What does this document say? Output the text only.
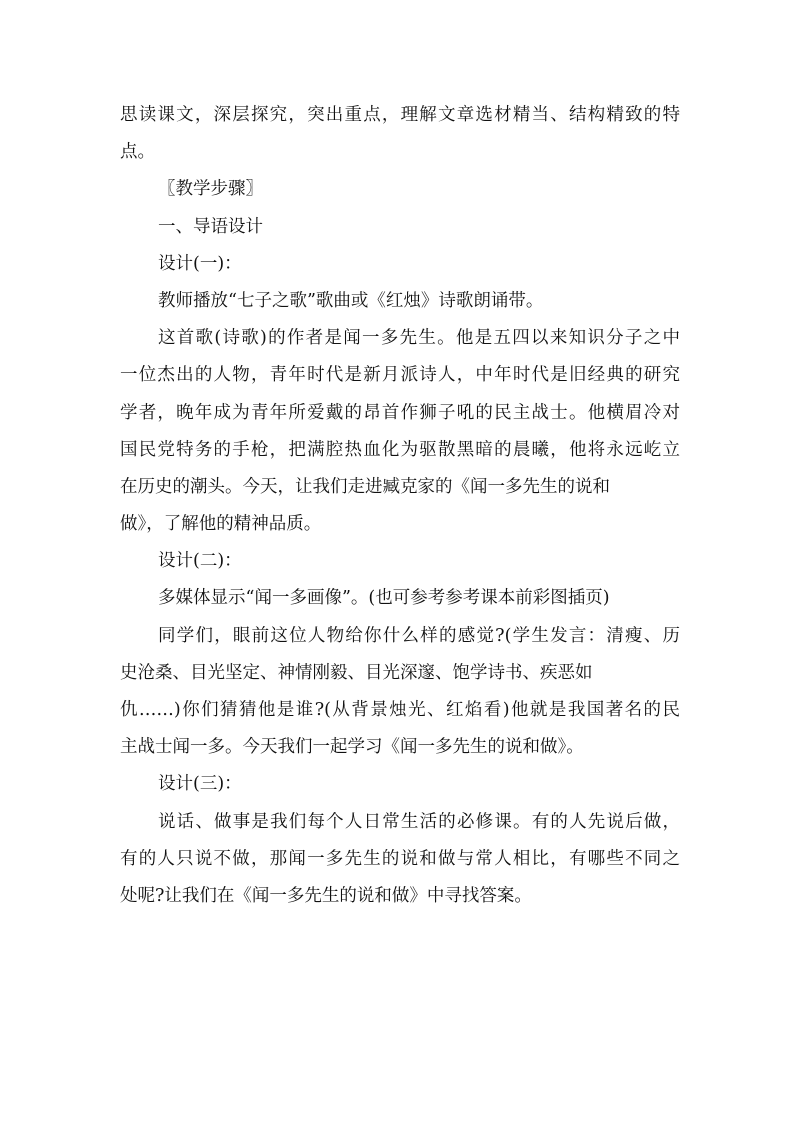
思读课文，深层探究，突出重点，理解文章选材精当、结构精致的特
点。
〖教学步骤〗
一、导语设计
设计(一)：
教师播放“七子之歌”歌曲或《红烛》诗歌朗诵带。
这首歌(诗歌)的作者是闻一多先生。他是五四以来知识分子之中
一位杰出的人物，青年时代是新月派诗人，中年时代是旧经典的研究
学者，晚年成为青年所爱戴的昂首作狮子吼的民主战士。他横眉冷对
国民党特务的手枪，把满腔热血化为驱散黑暗的晨曦，他将永远屹立
在历史的潮头。今天，让我们走进臧克家的《闻一多先生的说和
做》，了解他的精神品质。
设计(二)：
多媒体显示“闻一多画像”。(也可参考参考课本前彩图插页)
同学们，眼前这位人物给你什么样的感觉?(学生发言：清瘦、历
史沧桑、目光坚定、神情刚毅、目光深邃、饱学诗书、疾恶如
仇……)你们猜猜他是谁?(从背景烛光、红焰看)他就是我国著名的民
主战士闻一多。今天我们一起学习《闻一多先生的说和做》。
设计(三)：
说话、做事是我们每个人日常生活的必修课。有的人先说后做，
有的人只说不做，那闻一多先生的说和做与常人相比，有哪些不同之
处呢?让我们在《闻一多先生的说和做》中寻找答案。
